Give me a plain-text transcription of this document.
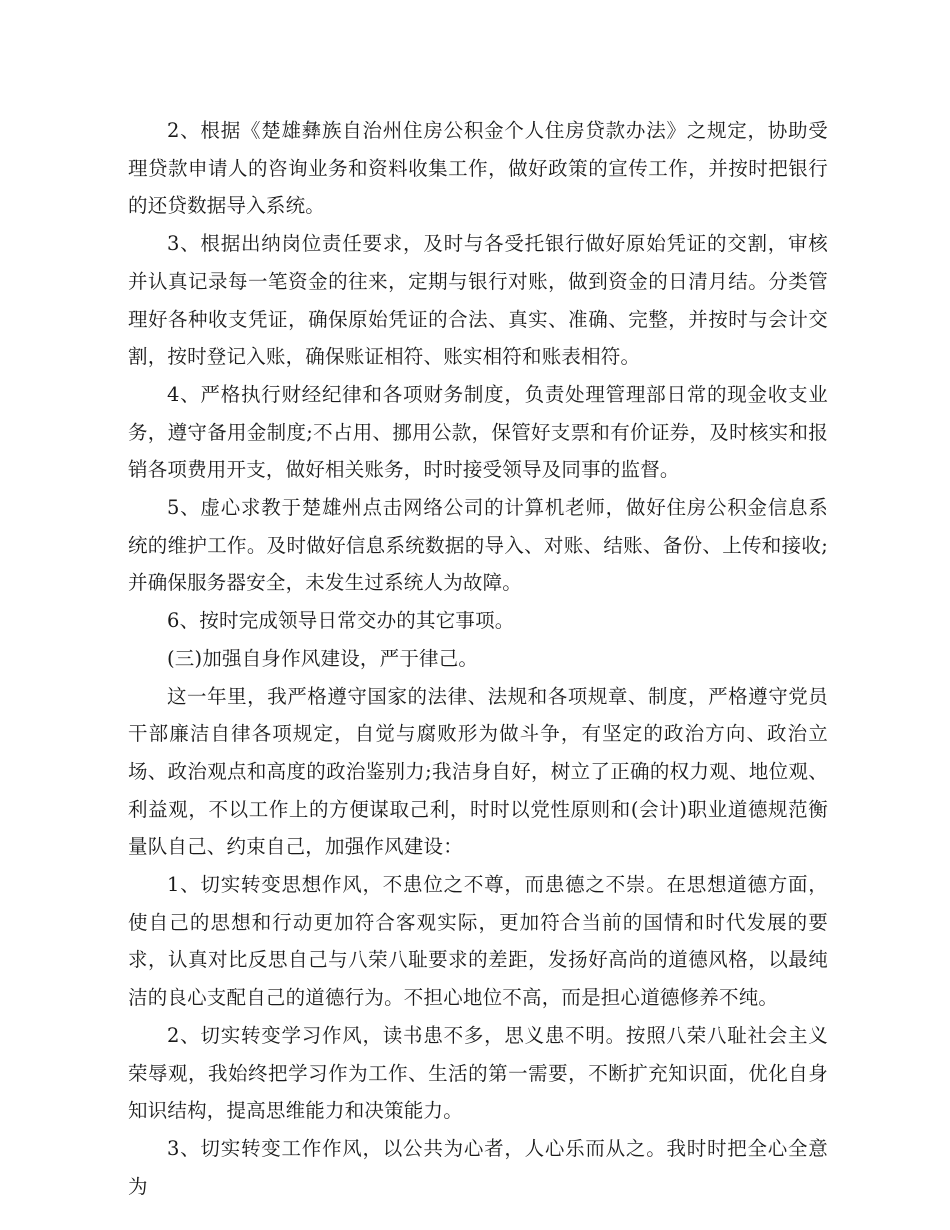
2、根据《楚雄彝族自治州住房公积金个人住房贷款办法》之规定，协助受理贷款申请人的咨询业务和资料收集工作，做好政策的宣传工作，并按时把银行的还贷数据导入系统。

3、根据出纳岗位责任要求，及时与各受托银行做好原始凭证的交割，审核并认真记录每一笔资金的往来，定期与银行对账，做到资金的日清月结。分类管理好各种收支凭证，确保原始凭证的合法、真实、准确、完整，并按时与会计交割，按时登记入账，确保账证相符、账实相符和账表相符。

4、严格执行财经纪律和各项财务制度，负责处理管理部日常的现金收支业务，遵守备用金制度;不占用、挪用公款，保管好支票和有价证券，及时核实和报销各项费用开支，做好相关账务，时时接受领导及同事的监督。

5、虚心求教于楚雄州点击网络公司的计算机老师，做好住房公积金信息系统的维护工作。及时做好信息系统数据的导入、对账、结账、备份、上传和接收;并确保服务器安全，未发生过系统人为故障。

6、按时完成领导日常交办的其它事项。

(三)加强自身作风建设，严于律己。

这一年里，我严格遵守国家的法律、法规和各项规章、制度，严格遵守党员干部廉洁自律各项规定，自觉与腐败形为做斗争，有坚定的政治方向、政治立场、政治观点和高度的政治鉴别力;我洁身自好，树立了正确的权力观、地位观、利益观，不以工作上的方便谋取己利，时时以党性原则和(会计)职业道德规范衡量队自己、约束自己，加强作风建设：

1、切实转变思想作风，不患位之不尊，而患德之不崇。在思想道德方面，使自己的思想和行动更加符合客观实际，更加符合当前的国情和时代发展的要求，认真对比反思自己与八荣八耻要求的差距，发扬好高尚的道德风格，以最纯洁的良心支配自己的道德行为。不担心地位不高，而是担心道德修养不纯。

2、切实转变学习作风，读书患不多，思义患不明。按照八荣八耻社会主义荣辱观，我始终把学习作为工作、生活的第一需要，不断扩充知识面，优化自身知识结构，提高思维能力和决策能力。

3、切实转变工作作风，以公共为心者，人心乐而从之。我时时把全心全意为
